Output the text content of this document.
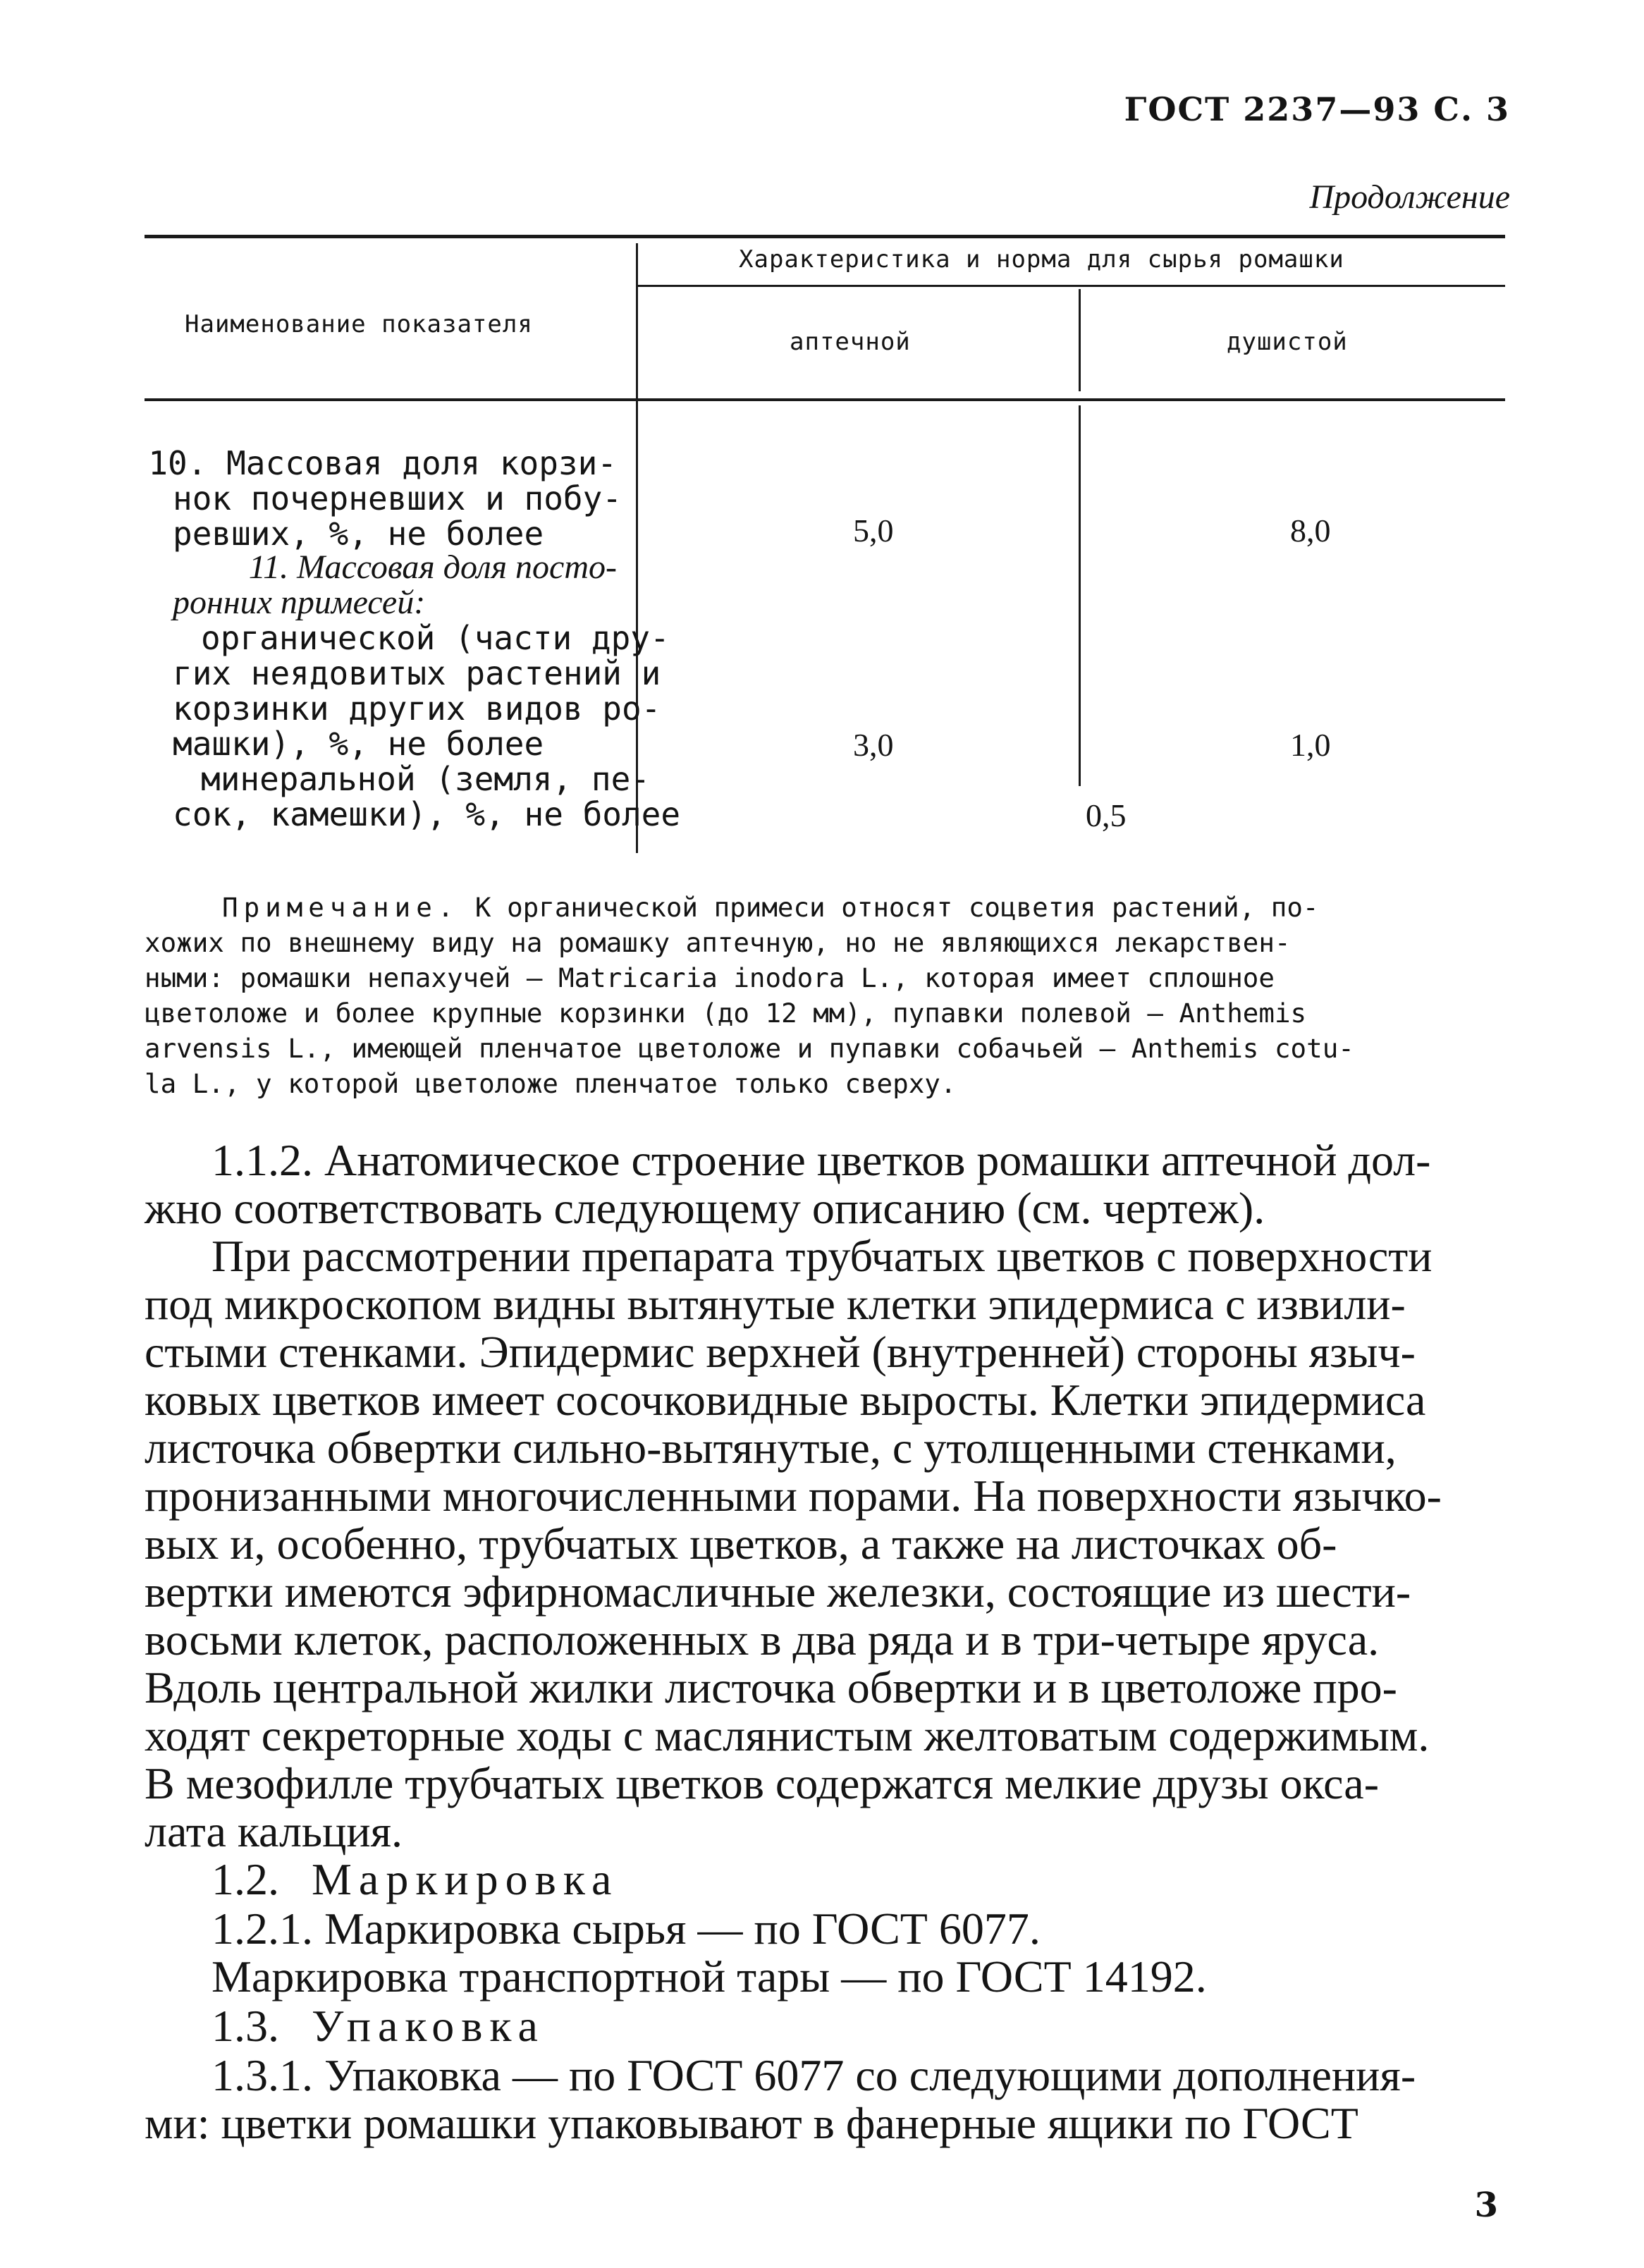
ГОСТ 2237—93 С. 3
Продолжение
Наименование показателя
Характеристика и норма для сырья ромашки
аптечной	душистой
10. Массовая доля корзи-
нок почерневших и побу-
ревших, %, не более	5,0	8,0
11. Массовая доля посто-
ронних примесей:
органической (части дру-
гих неядовитых растений и
корзинки других видов ро-
машки), %, не более	3,0	1,0
минеральной (земля, пе-
сок, камешки), %, не более	0,5
Примечание. К органической примеси относят соцветия растений, по-
хожих по внешнему виду на ромашку аптечную, но не являющихся лекарствен-
ными: ромашки непахучей — Matricaria inodora L., которая имеет сплошное
цветоложе и более крупные корзинки (до 12 мм), пупавки полевой — Anthemis
arvensis L., имеющей пленчатое цветоложе и пупавки собачьей — Anthemis cotu-
la L., у которой цветоложе пленчатое только сверху.
1.1.2. Анатомическое строение цветков ромашки аптечной дол-
жно соответствовать следующему описанию (см. чертеж).
При рассмотрении препарата трубчатых цветков с поверхности
под микроскопом видны вытянутые клетки эпидермиса с извили-
стыми стенками. Эпидермис верхней (внутренней) стороны языч-
ковых цветков имеет сосочковидные выросты. Клетки эпидермиса
листочка обвертки сильно-вытянутые, с утолщенными стенками,
пронизанными многочисленными порами. На поверхности язычко-
вых и, особенно, трубчатых цветков, а также на листочках об-
вертки имеются эфирномасличные железки, состоящие из шести-
восьми клеток, расположенных в два ряда и в три-четыре яруса.
Вдоль центральной жилки листочка обвертки и в цветоложе про-
ходят секреторные ходы с маслянистым желтоватым содержимым.
В мезофилле трубчатых цветков содержатся мелкие друзы окса-
лата кальция.
1.2. Маркировка
1.2.1. Маркировка сырья — по ГОСТ 6077.
Маркировка транспортной тары — по ГОСТ 14192.
1.3. Упаковка
1.3.1. Упаковка — по ГОСТ 6077 со следующими дополнения-
ми: цветки ромашки упаковывают в фанерные ящики по ГОСТ
3
